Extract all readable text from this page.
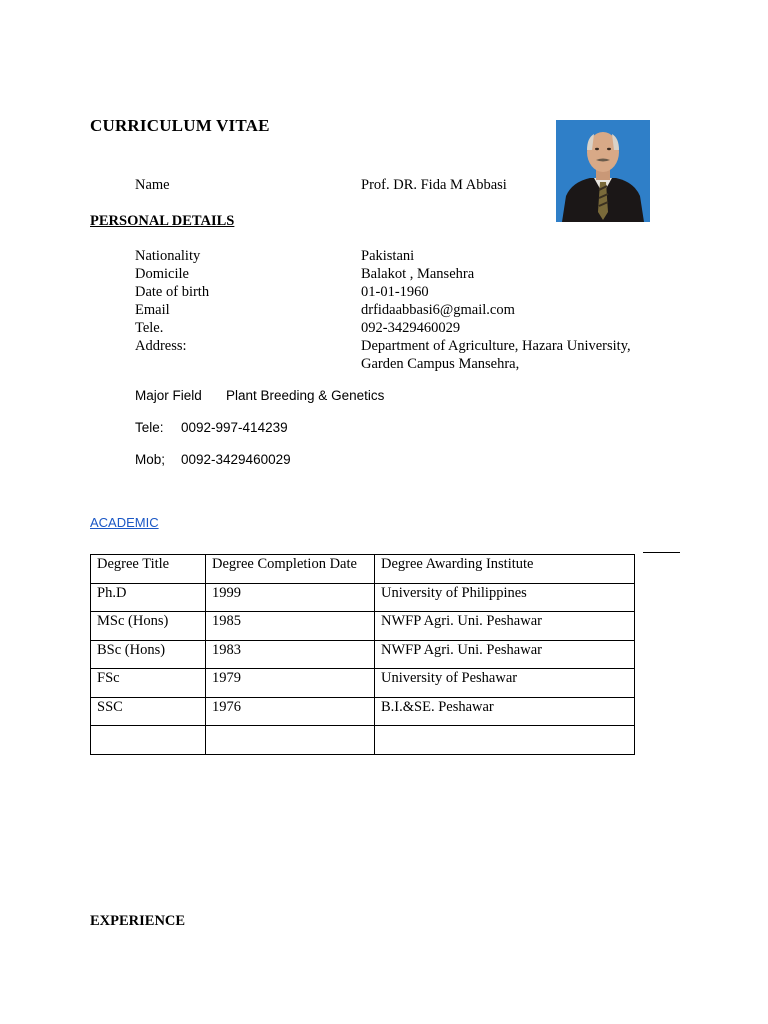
CURRICULUM VITAE
Name	Prof. DR. Fida M Abbasi
PERSONAL DETAILS
Nationality	Pakistani
Domicile	Balakot , Mansehra
Date of birth	01-01-1960
Email	drfidaabbasi6@gmail.com
Tele.	092-3429460029
Address:	Department of Agriculture, Hazara University,
Garden Campus Mansehra,
Major Field Plant Breeding & Genetics
Tele: 0092-997-414239
Mob; 0092-3429460029
ACADEMIC
Degree Title	Degree Completion Date	Degree Awarding Institute
Ph.D	1999	University of Philippines
MSc (Hons)	1985	NWFP Agri. Uni. Peshawar
BSc (Hons)	1983	NWFP Agri. Uni. Peshawar
FSc	1979	University of Peshawar
SSC	1976	B.I.&SE. Peshawar

EXPERIENCE
